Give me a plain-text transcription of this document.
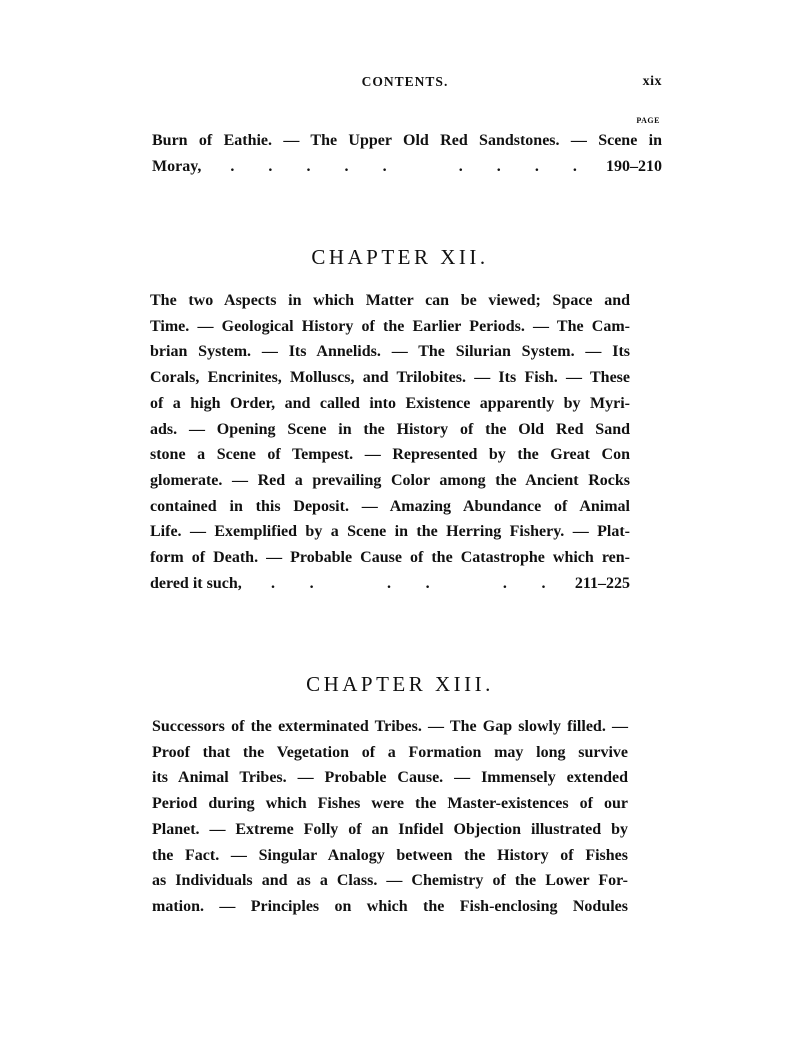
CONTENTS.	xix
PAGE
Burn of Eathie. — The Upper Old Red Sandstones. — Scene in
Moray, . . . . .
	. . . . 190–210
CHAPTER XII.
The two Aspects in which Matter can be viewed; Space and
Time. — Geological History of the Earlier Periods. — The Cam-
brian System. — Its Annelids. — The Silurian System. — Its
Corals, Encrinites, Molluscs, and Trilobites. — Its Fish. — These
of a high Order, and called into Existence apparently by Myri-
ads. — Opening Scene in the History of the Old Red Sand
stone a Scene of Tempest. — Represented by the Great Con
glomerate. — Red a prevailing Color among the Ancient Rocks
contained in this Deposit. — Amazing Abundance of Animal
Life. — Exemplified by a Scene in the Herring Fishery. — Plat-
form of Death. — Probable Cause of the Catastrophe which ren-
dered it such, . .
	. .
	. . 211–225
CHAPTER XIII.
Successors of the exterminated Tribes. — The Gap slowly filled. —
Proof that the Vegetation of a Formation may long survive
its Animal Tribes. — Probable Cause. — Immensely extended
Period during which Fishes were the Master-existences of our
Planet. — Extreme Folly of an Infidel Objection illustrated by
the Fact. — Singular Analogy between the History of Fishes
as Individuals and as a Class. — Chemistry of the Lower For-
mation. — Principles on which the Fish-enclosing Nodules
